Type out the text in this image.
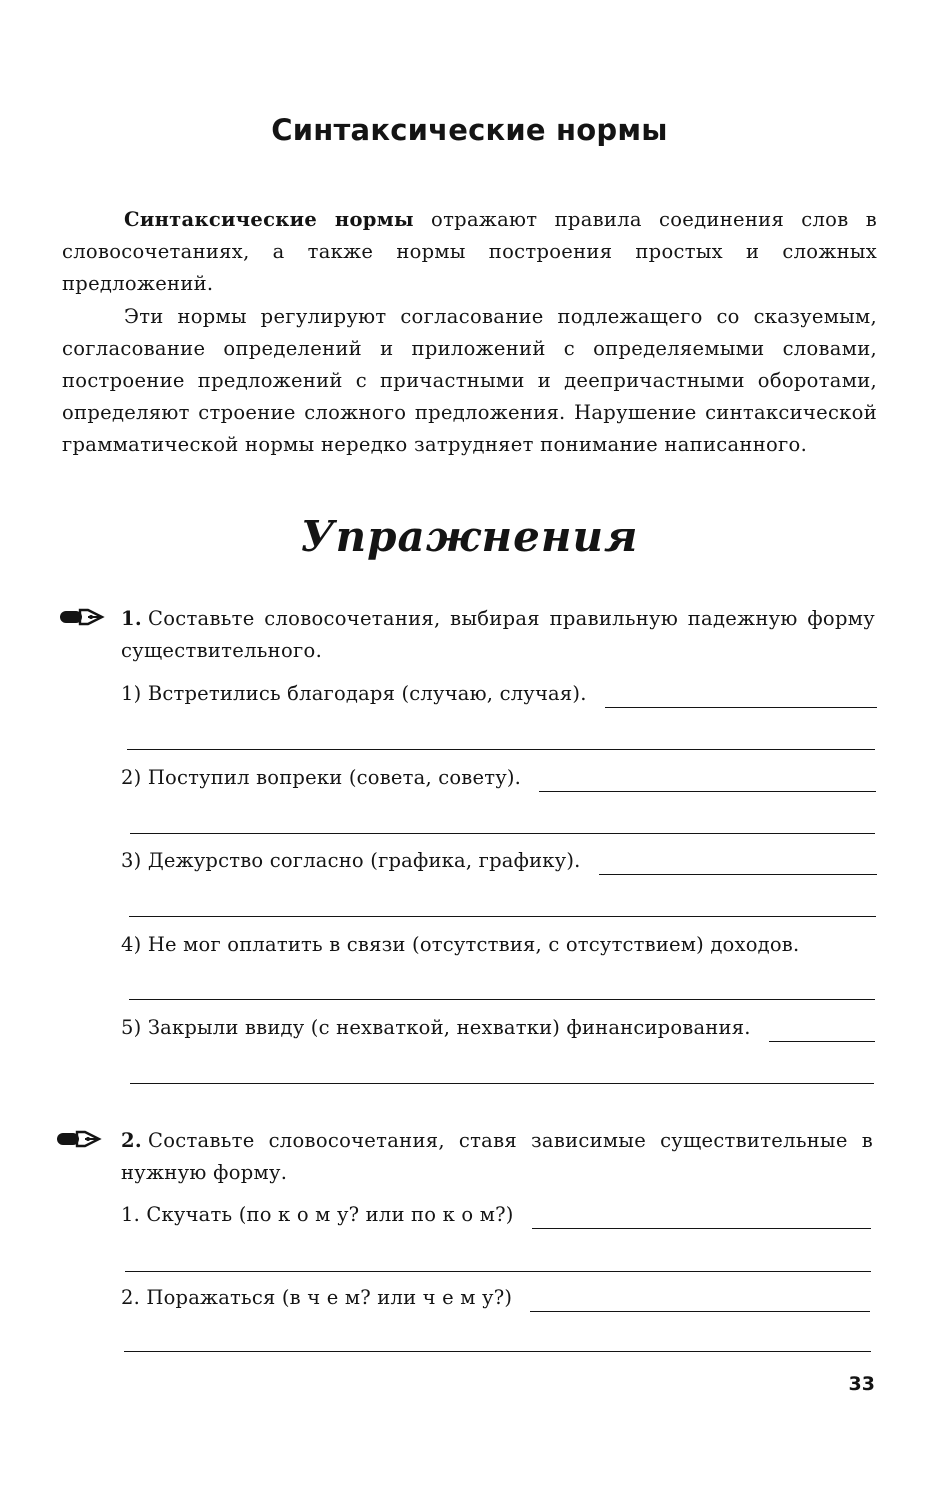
Синтаксические нормы

Синтаксические нормы отражают правила соединения слов в словосочетаниях, а также нормы построения простых и сложных предложений.

Эти нормы регулируют согласование подлежащего со сказуемым, согласование определений и приложений с определяемыми словами, построение предложений с причастными и деепричастными оборотами, определяют строение сложного предложения. Нарушение синтаксической грамматической нормы нередко затрудняет понимание написанного.

Упражнения

1. Составьте словосочетания, выбирая правильную падежную форму существительного.

1) Встретились благодаря (случаю, случая).
2) Поступил вопреки (совета, совету).
3) Дежурство согласно (графика, графику).
4) Не мог оплатить в связи (отсутствия, с отсутствием) доходов.
5) Закрыли ввиду (с нехваткой, нехватки) финансирования.

2. Составьте словосочетания, ставя зависимые существительные в нужную форму.

1. Скучать (по к о м у? или по к о м?)
2. Поражаться (в ч е м? или ч е м у?)

33
